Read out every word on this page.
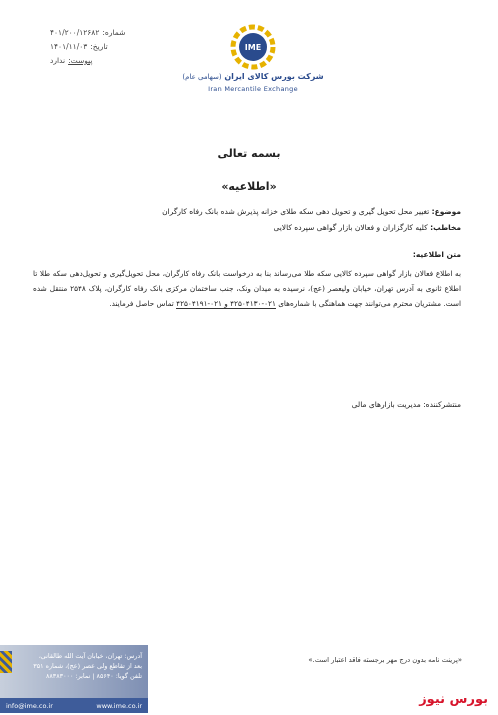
شماره:
۴۰۱/۲۰۰/۱۲۶۸۲
تاریخ:
۱۴۰۱/۱۱/۰۳
پیوست:
ندارد
IME
شرکت بورس کالای ایران (سهامی عام)
Iran Mercantile Exchange
بسمه تعالی
«اطلاعیه»
موضوع: تغییر محل تحویل گیری و تحویل دهی سکه طلای خزانه پذیرش شده بانک رفاه کارگران
مخاطب: کلیه کارگزاران و فعالان بازار گواهی سپرده کالایی
متن اطلاعیه:
به اطلاع فعالان بازار گواهی سپرده کالایی سکه طلا می‌رساند بنا به درخواست بانک رفاه کارگران، محل تحویل‌گیری و تحویل‌دهی سکه طلا تا اطلاع ثانوی به آدرس تهران، خیابان ولیعصر (عج)، نرسیده به میدان ونک، جنب ساختمان مرکزی بانک رفاه کارگران، پلاک ۲۵۴۸ منتقل شده است. مشتریان محترم می‌توانند جهت هماهنگی با شماره‌های ۰۲۱-۴۲۵۰۴۱۳۰ و ۰۲۱-۴۲۵۰۴۱۹۱ تماس حاصل فرمایند.
منتشرکننده: مدیریت بازارهای مالی
«پرینت نامه بدون درج مهر برجسته فاقد اعتبار است.»
آدرس: تهران، خیابان آیت الله طالقانی،
بعد از تقاطع ولی عصر (عج)، شماره ۳۵۱
تلفن گویا: ۸۵۶۴۰ | نمابر: ۸۸۳۸۳۰۰۰
info@ime.co.ir	www.ime.co.ir	بورس نیوز
